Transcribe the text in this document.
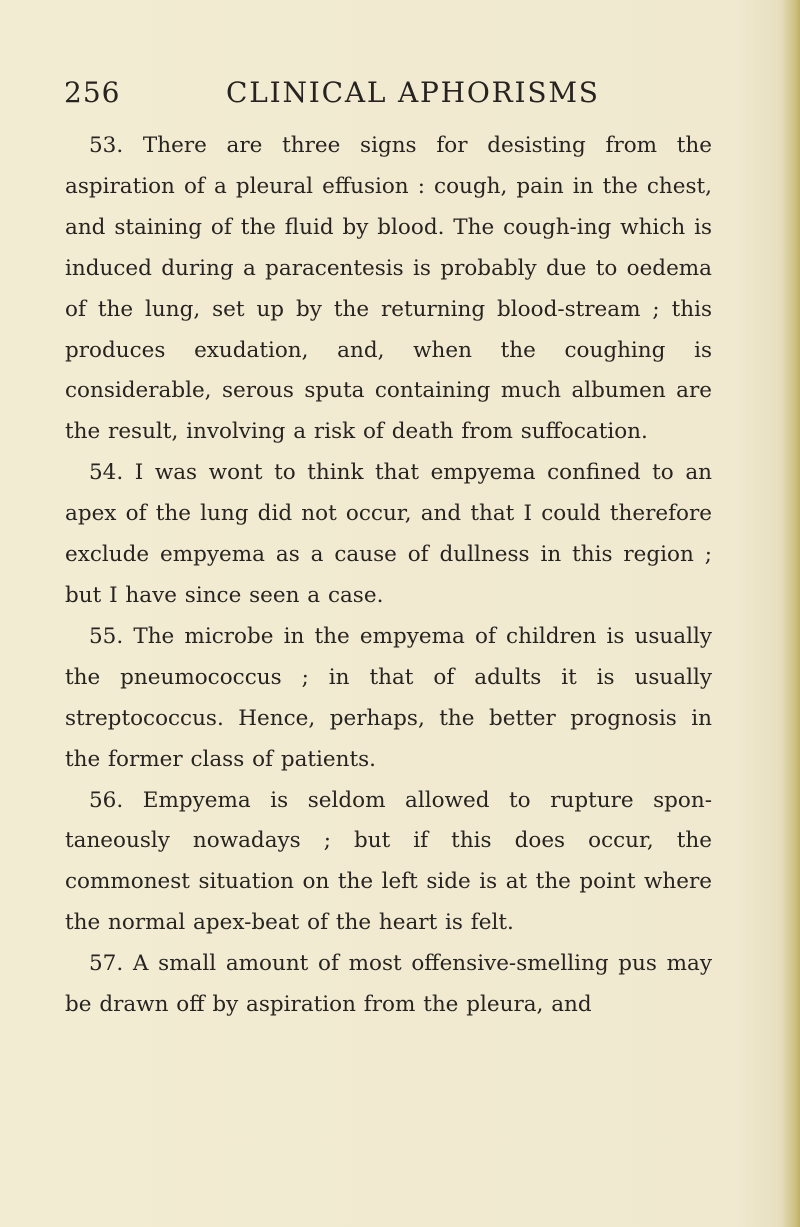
256	CLINICAL APHORISMS

53. There are three signs for desisting from the aspiration of a pleural effusion : cough, pain in the chest, and staining of the fluid by blood. The cough-ing which is induced during a paracentesis is probably due to oedema of the lung, set up by the returning blood-stream ; this produces exudation, and, when the coughing is considerable, serous sputa containing much albumen are the result, involving a risk of death from suffocation.

54. I was wont to think that empyema confined to an apex of the lung did not occur, and that I could therefore exclude empyema as a cause of dullness in this region ; but I have since seen a case.

55. The microbe in the empyema of children is usually the pneumococcus ; in that of adults it is usually streptococcus. Hence, perhaps, the better prognosis in the former class of patients.

56. Empyema is seldom allowed to rupture spon-taneously nowadays ; but if this does occur, the commonest situation on the left side is at the point where the normal apex-beat of the heart is felt.

57. A small amount of most offensive-smelling pus may be drawn off by aspiration from the pleura, and
